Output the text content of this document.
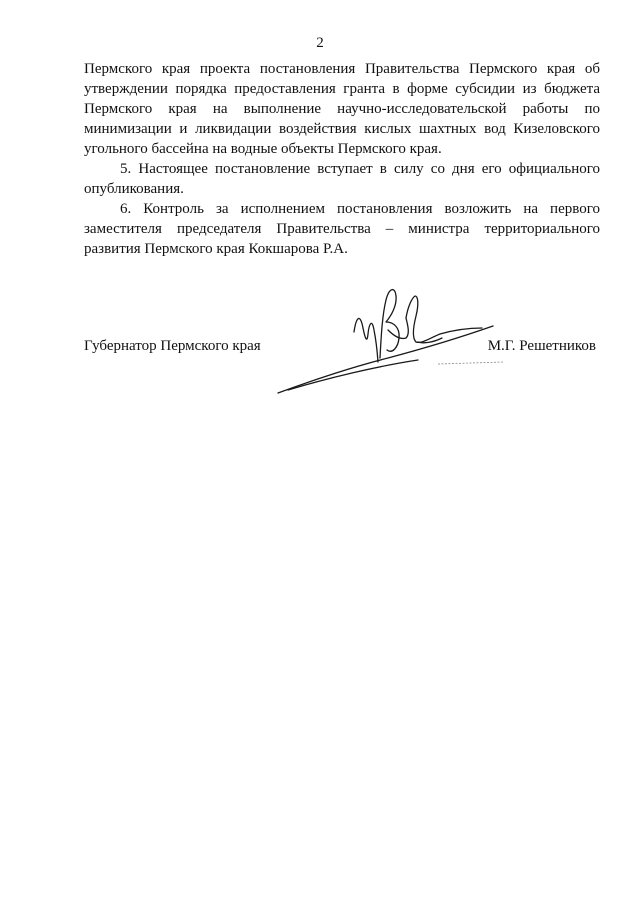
2

Пермского края проекта постановления Правительства Пермского края об утверждении порядка предоставления гранта в форме субсидии из бюджета Пермского края на выполнение научно-исследовательской работы по минимизации и ликвидации воздействия кислых шахтных вод Кизеловского угольного бассейна на водные объекты Пермского края.

5. Настоящее постановление вступает в силу со дня его официального опубликования.

6. Контроль за исполнением постановления возложить на первого заместителя председателя Правительства – министра территориального развития Пермского края Кокшарова Р.А.

Губернатор Пермского края	М.Г. Решетников
